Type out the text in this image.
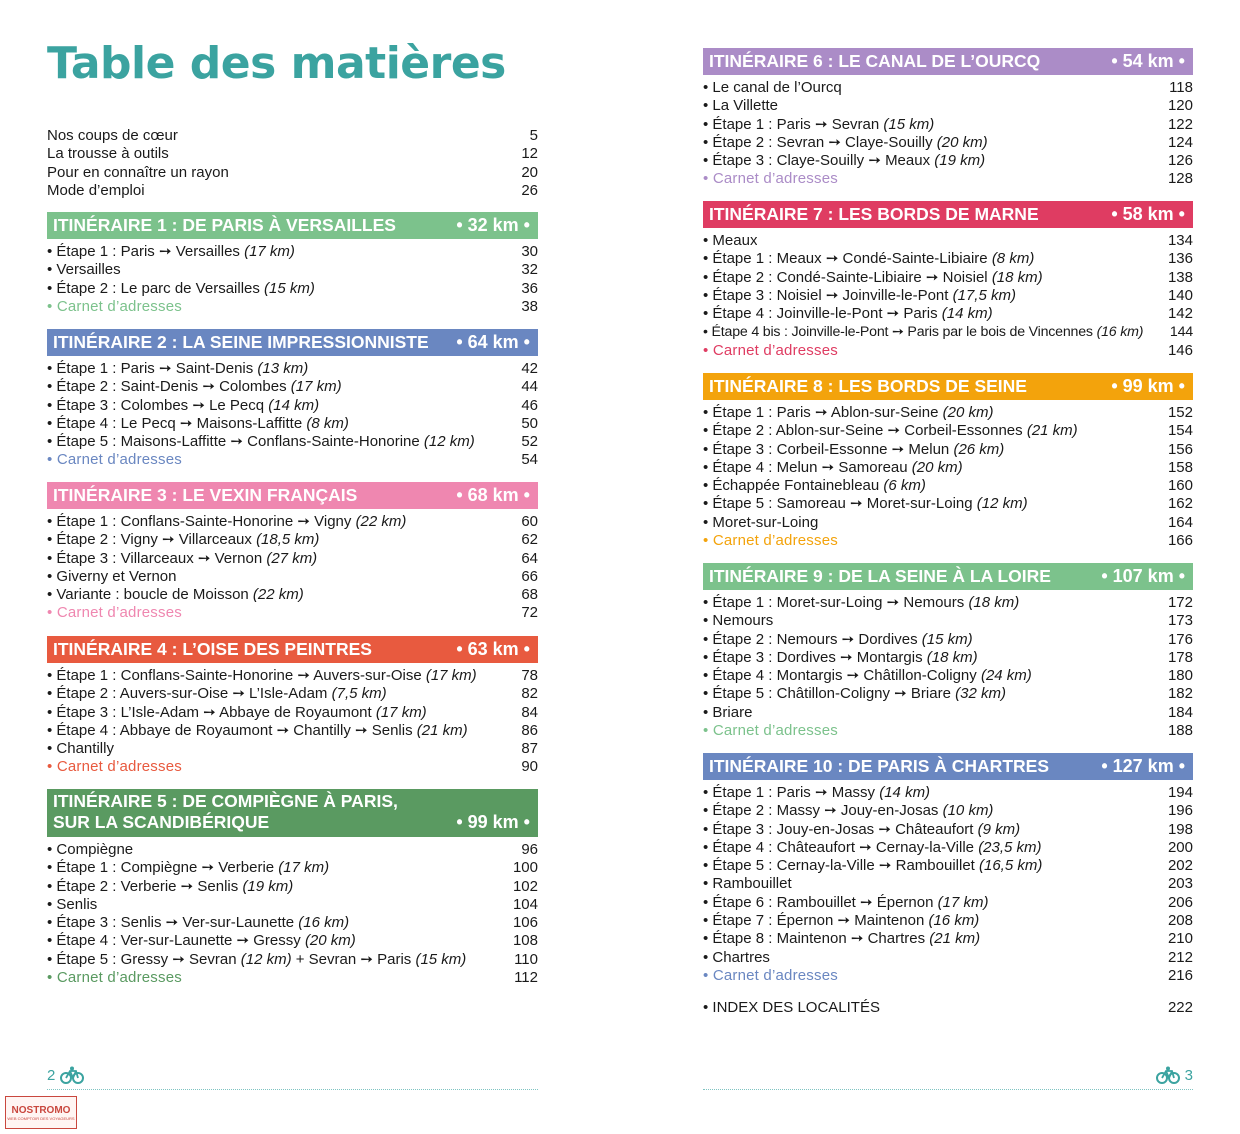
Table des matières
Nos coups de cœur	5
La trousse à outils	12
Pour en connaître un rayon	20
Mode d’emploi	26
ITINÉRAIRE 1 : DE PARIS À VERSAILLES	• 32 km •
• Étape 1 : Paris ➙ Versailles (17 km)	30
• Versailles	32
• Étape 2 : Le parc de Versailles (15 km)	36
• Carnet d’adresses	38
ITINÉRAIRE 2 : LA SEINE IMPRESSIONNISTE • 64 km •
• Étape 1 : Paris ➙ Saint-Denis (13 km)	42
• Étape 2 : Saint-Denis ➙ Colombes (17 km)	44
• Étape 3 : Colombes ➙ Le Pecq (14 km)	46
• Étape 4 : Le Pecq ➙ Maisons-Laffitte (8 km)	50
• Étape 5 : Maisons-Laffitte ➙ Conflans-Sainte-Honorine (12 km)	52
• Carnet d’adresses	54
ITINÉRAIRE 3 : LE VEXIN FRANÇAIS	• 68 km •
• Étape 1 : Conflans-Sainte-Honorine ➙ Vigny (22 km)	60
• Étape 2 : Vigny ➙ Villarceaux (18,5 km)	62
• Étape 3 : Villarceaux ➙ Vernon (27 km)	64
• Giverny et Vernon	66
• Variante : boucle de Moisson (22 km)	68
• Carnet d’adresses	72
ITINÉRAIRE 4 : L’OISE DES PEINTRES	• 63 km •
• Étape 1 : Conflans-Sainte-Honorine ➙ Auvers-sur-Oise (17 km)	78
• Étape 2 : Auvers-sur-Oise ➙ L’Isle-Adam (7,5 km)	82
• Étape 3 : L’Isle-Adam ➙ Abbaye de Royaumont (17 km)	84
• Étape 4 : Abbaye de Royaumont ➙ Chantilly ➙ Senlis (21 km)	86
• Chantilly	87
• Carnet d’adresses	90
ITINÉRAIRE 5 : DE COMPIÈGNE À PARIS,
SUR LA SCANDIBÉRIQUE	• 99 km •
• Compiègne	96
• Étape 1 : Compiègne ➙ Verberie (17 km)	100
• Étape 2 : Verberie ➙ Senlis (19 km)	102
• Senlis	104
• Étape 3 : Senlis ➙ Ver-sur-Launette (16 km)	106
• Étape 4 : Ver-sur-Launette ➙ Gressy (20 km)	108
• Étape 5 : Gressy ➙ Sevran (12 km) + Sevran ➙ Paris (15 km)	110
• Carnet d’adresses	112
2
ITINÉRAIRE 6 : LE CANAL DE L’OURCQ	• 54 km •
• Le canal de l’Ourcq	118
• La Villette	120
• Étape 1 : Paris ➙ Sevran (15 km)	122
• Étape 2 : Sevran ➙ Claye-Souilly (20 km)	124
• Étape 3 : Claye-Souilly ➙ Meaux (19 km)	126
• Carnet d’adresses	128
ITINÉRAIRE 7 : LES BORDS DE MARNE	• 58 km •
• Meaux	134
• Étape 1 : Meaux ➙ Condé-Sainte-Libiaire (8 km)	136
• Étape 2 : Condé-Sainte-Libiaire ➙ Noisiel (18 km)	138
• Étape 3 : Noisiel ➙ Joinville-le-Pont (17,5 km)	140
• Étape 4 : Joinville-le-Pont ➙ Paris (14 km)	142
• Étape 4 bis : Joinville-le-Pont ➙ Paris par le bois de Vincennes (16 km) 144
• Carnet d’adresses	146
ITINÉRAIRE 8 : LES BORDS DE SEINE	• 99 km •
• Étape 1 : Paris ➙ Ablon-sur-Seine (20 km)	152
• Étape 2 : Ablon-sur-Seine ➙ Corbeil-Essonnes (21 km)	154
• Étape 3 : Corbeil-Essonne ➙ Melun (26 km)	156
• Étape 4 : Melun ➙ Samoreau (20 km)	158
• Échappée Fontainebleau (6 km)	160
• Étape 5 : Samoreau ➙ Moret-sur-Loing (12 km)	162
• Moret-sur-Loing	164
• Carnet d’adresses	166
ITINÉRAIRE 9 : DE LA SEINE À LA LOIRE	• 107 km •
• Étape 1 : Moret-sur-Loing ➙ Nemours (18 km)	172
• Nemours	173
• Étape 2 : Nemours ➙ Dordives (15 km)	176
• Étape 3 : Dordives ➙ Montargis (18 km)	178
• Étape 4 : Montargis ➙ Châtillon-Coligny (24 km)	180
• Étape 5 : Châtillon-Coligny ➙ Briare (32 km)	182
• Briare	184
• Carnet d’adresses	188
ITINÉRAIRE 10 : DE PARIS À CHARTRES	• 127 km •
• Étape 1 : Paris ➙ Massy (14 km)	194
• Étape 2 : Massy ➙ Jouy-en-Josas (10 km)	196
• Étape 3 : Jouy-en-Josas ➙ Châteaufort (9 km)	198
• Étape 4 : Châteaufort ➙ Cernay-la-Ville (23,5 km)	200
• Étape 5 : Cernay-la-Ville ➙ Rambouillet (16,5 km)	202
• Rambouillet	203
• Étape 6 : Rambouillet ➙ Épernon (17 km)	206
• Étape 7 : Épernon ➙ Maintenon (16 km)	208
• Étape 8 : Maintenon ➙ Chartres (21 km)	210
• Chartres	212
• Carnet d’adresses	216
• INDEX DES LOCALITÉS	222
3
NOSTROMO
WEB COMPTOIR DES VOYAGEURS
